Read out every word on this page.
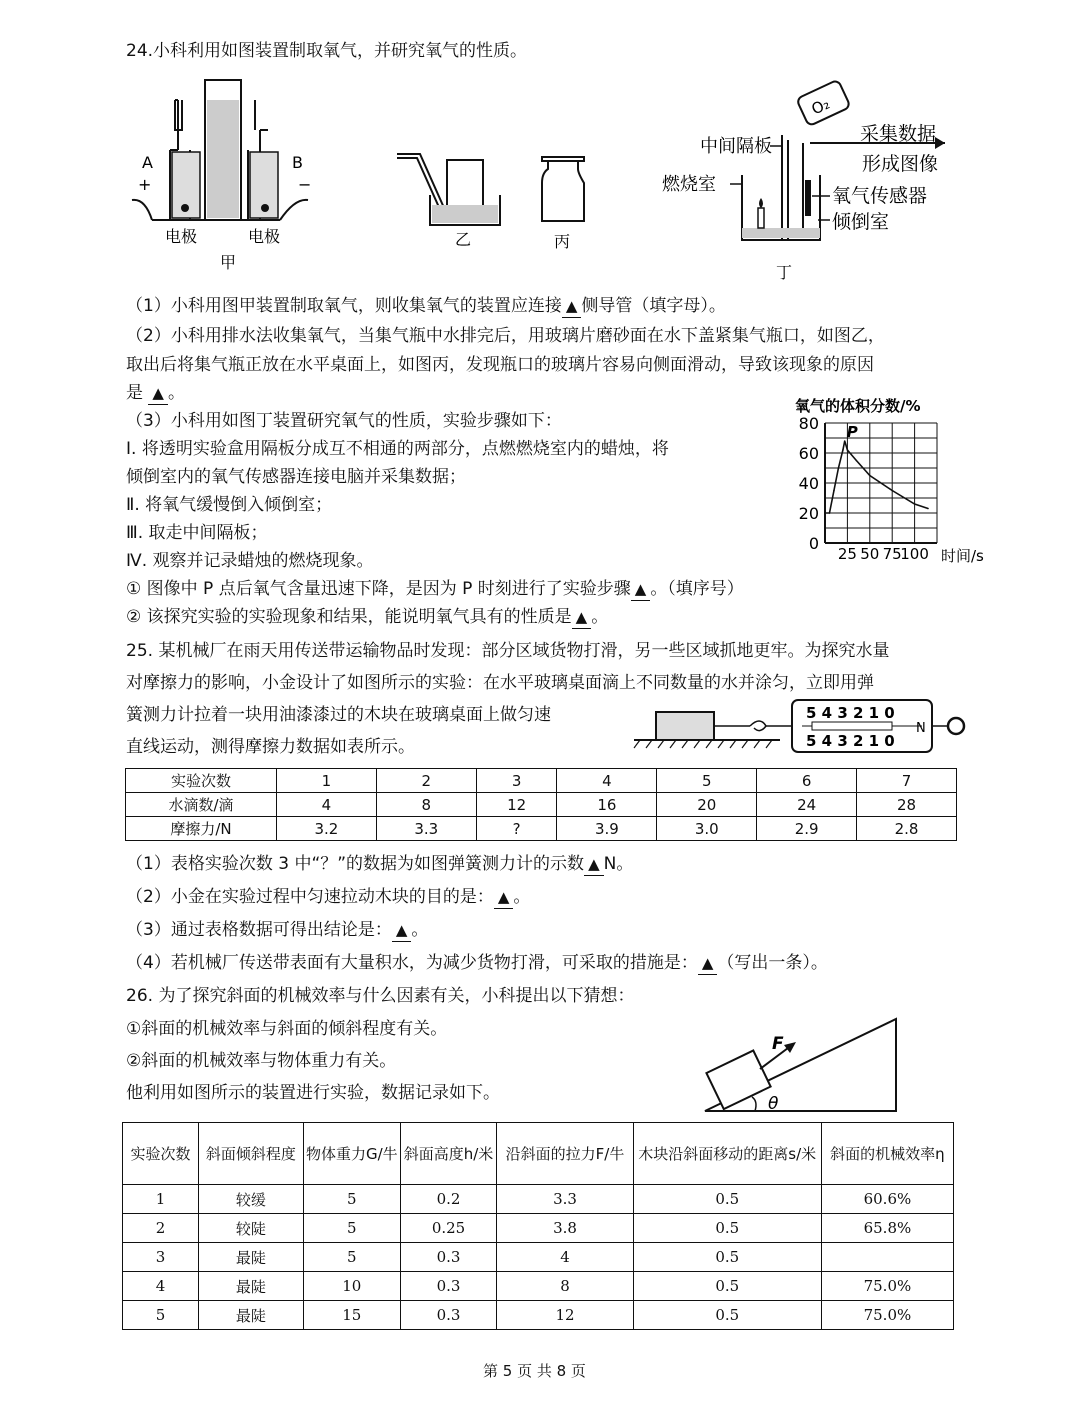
24.小科利用如图装置制取氧气，并研究氧气的性质。
A	B
+	−
电极	电极
甲
乙	丙
O₂
中间隔板
燃烧室
采集数据
形成图像
氧气传感器
倾倒室
丁
（1）小科用图甲装置制取氧气，则收集氧气的装置应连接 ▲ 侧导管（填字母）。
（2）小科用排水法收集氧气，当集气瓶中水排完后，用玻璃片磨砂面在水下盖紧集气瓶口，如图乙，
取出后将集气瓶正放在水平桌面上，如图丙，发现瓶口的玻璃片容易向侧面滑动，导致该现象的原因
是 ▲ 。
（3）小科用如图丁装置研究氧气的性质，实验步骤如下：
Ⅰ. 将透明实验盒用隔板分成互不相通的两部分，点燃燃烧室内的蜡烛，将
倾倒室内的氧气传感器连接电脑并采集数据；
Ⅱ. 将氧气缓慢倒入倾倒室；
Ⅲ. 取走中间隔板；
Ⅳ. 观察并记录蜡烛的燃烧现象。
① 图像中 P 点后氧气含量迅速下降，是因为 P 时刻进行了实验步骤 ▲ 。（填序号）
② 该探究实验的实验现象和结果，能说明氧气具有的性质是 ▲ 。
氧气的体积分数/%
0
20
40
60
80
25 50 75
100 时间/s
P
25. 某机械厂在雨天用传送带运输物品时发现：部分区域货物打滑，另一些区域抓地更牢。为探究水量
对摩擦力的影响，小金设计了如图所示的实验：在水平玻璃桌面滴上不同数量的水并涂匀，立即用弹
簧测力计拉着一块用油漆漆过的木块在玻璃桌面上做匀速
直线运动，测得摩擦力数据如表所示。
5 4 3 2 1 0
5 4 3 2 1 0
N
实验次数	1	2	3	4	5	6	7
水滴数/滴	4	8	12	16	20	24	28
摩擦力/N	3.2	3.3	?	3.9	3.0	2.9	2.8
（1）表格实验次数 3 中“？”的数据为如图弹簧测力计的示数 ▲ N。
（2）小金在实验过程中匀速拉动木块的目的是： ▲ 。
（3）通过表格数据可得出结论是： ▲ 。
（4）若机械厂传送带表面有大量积水，为减少货物打滑，可采取的措施是： ▲ （写出一条）。
26. 为了探究斜面的机械效率与什么因素有关，小科提出以下猜想：
①斜面的机械效率与斜面的倾斜程度有关。
②斜面的机械效率与物体重力有关。
他利用如图所示的装置进行实验，数据记录如下。
F
θ
实验次数	斜面倾斜程度	物体重力G/牛	斜面高度h/米	沿斜面的拉力F/牛	木块沿斜面移动的距离s/米	斜面的机械效率η
1	较缓	5	0.2	3.3	0.5	60.6%
2	较陡	5	0.25	3.8	0.5	65.8%
3	最陡	5	0.3	4	0.5	
4	最陡	10	0.3	8	0.5	75.0%
5	最陡	15	0.3	12	0.5	75.0%
第 5 页 共 8 页
